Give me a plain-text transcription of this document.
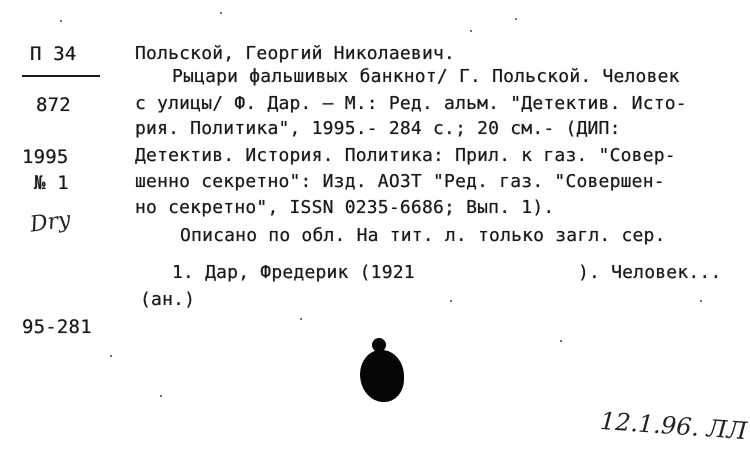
П 34
872
1995
№ 1
95-281
Dry
Польской, Георгий Николаевич.
Рыцари фальшивых банкнот/ Г. Польской. Человек
с улицы/ Ф. Дар. – М.: Ред. альм. "Детектив. Исто-
рия. Политика", 1995.- 284 с.; 20 см.- (ДИП:
Детектив. История. Политика: Прил. к газ. "Совер-
шенно секретно": Изд. АОЗТ "Ред. газ. "Совершен-
но секретно", ISSN 0235-6686; Вып. 1).
Описано по обл. На тит. л. только загл. сер.
1. Дар, Фредерик (1921	). Человек...
(ан.)
12.1.96. ЛЛ
